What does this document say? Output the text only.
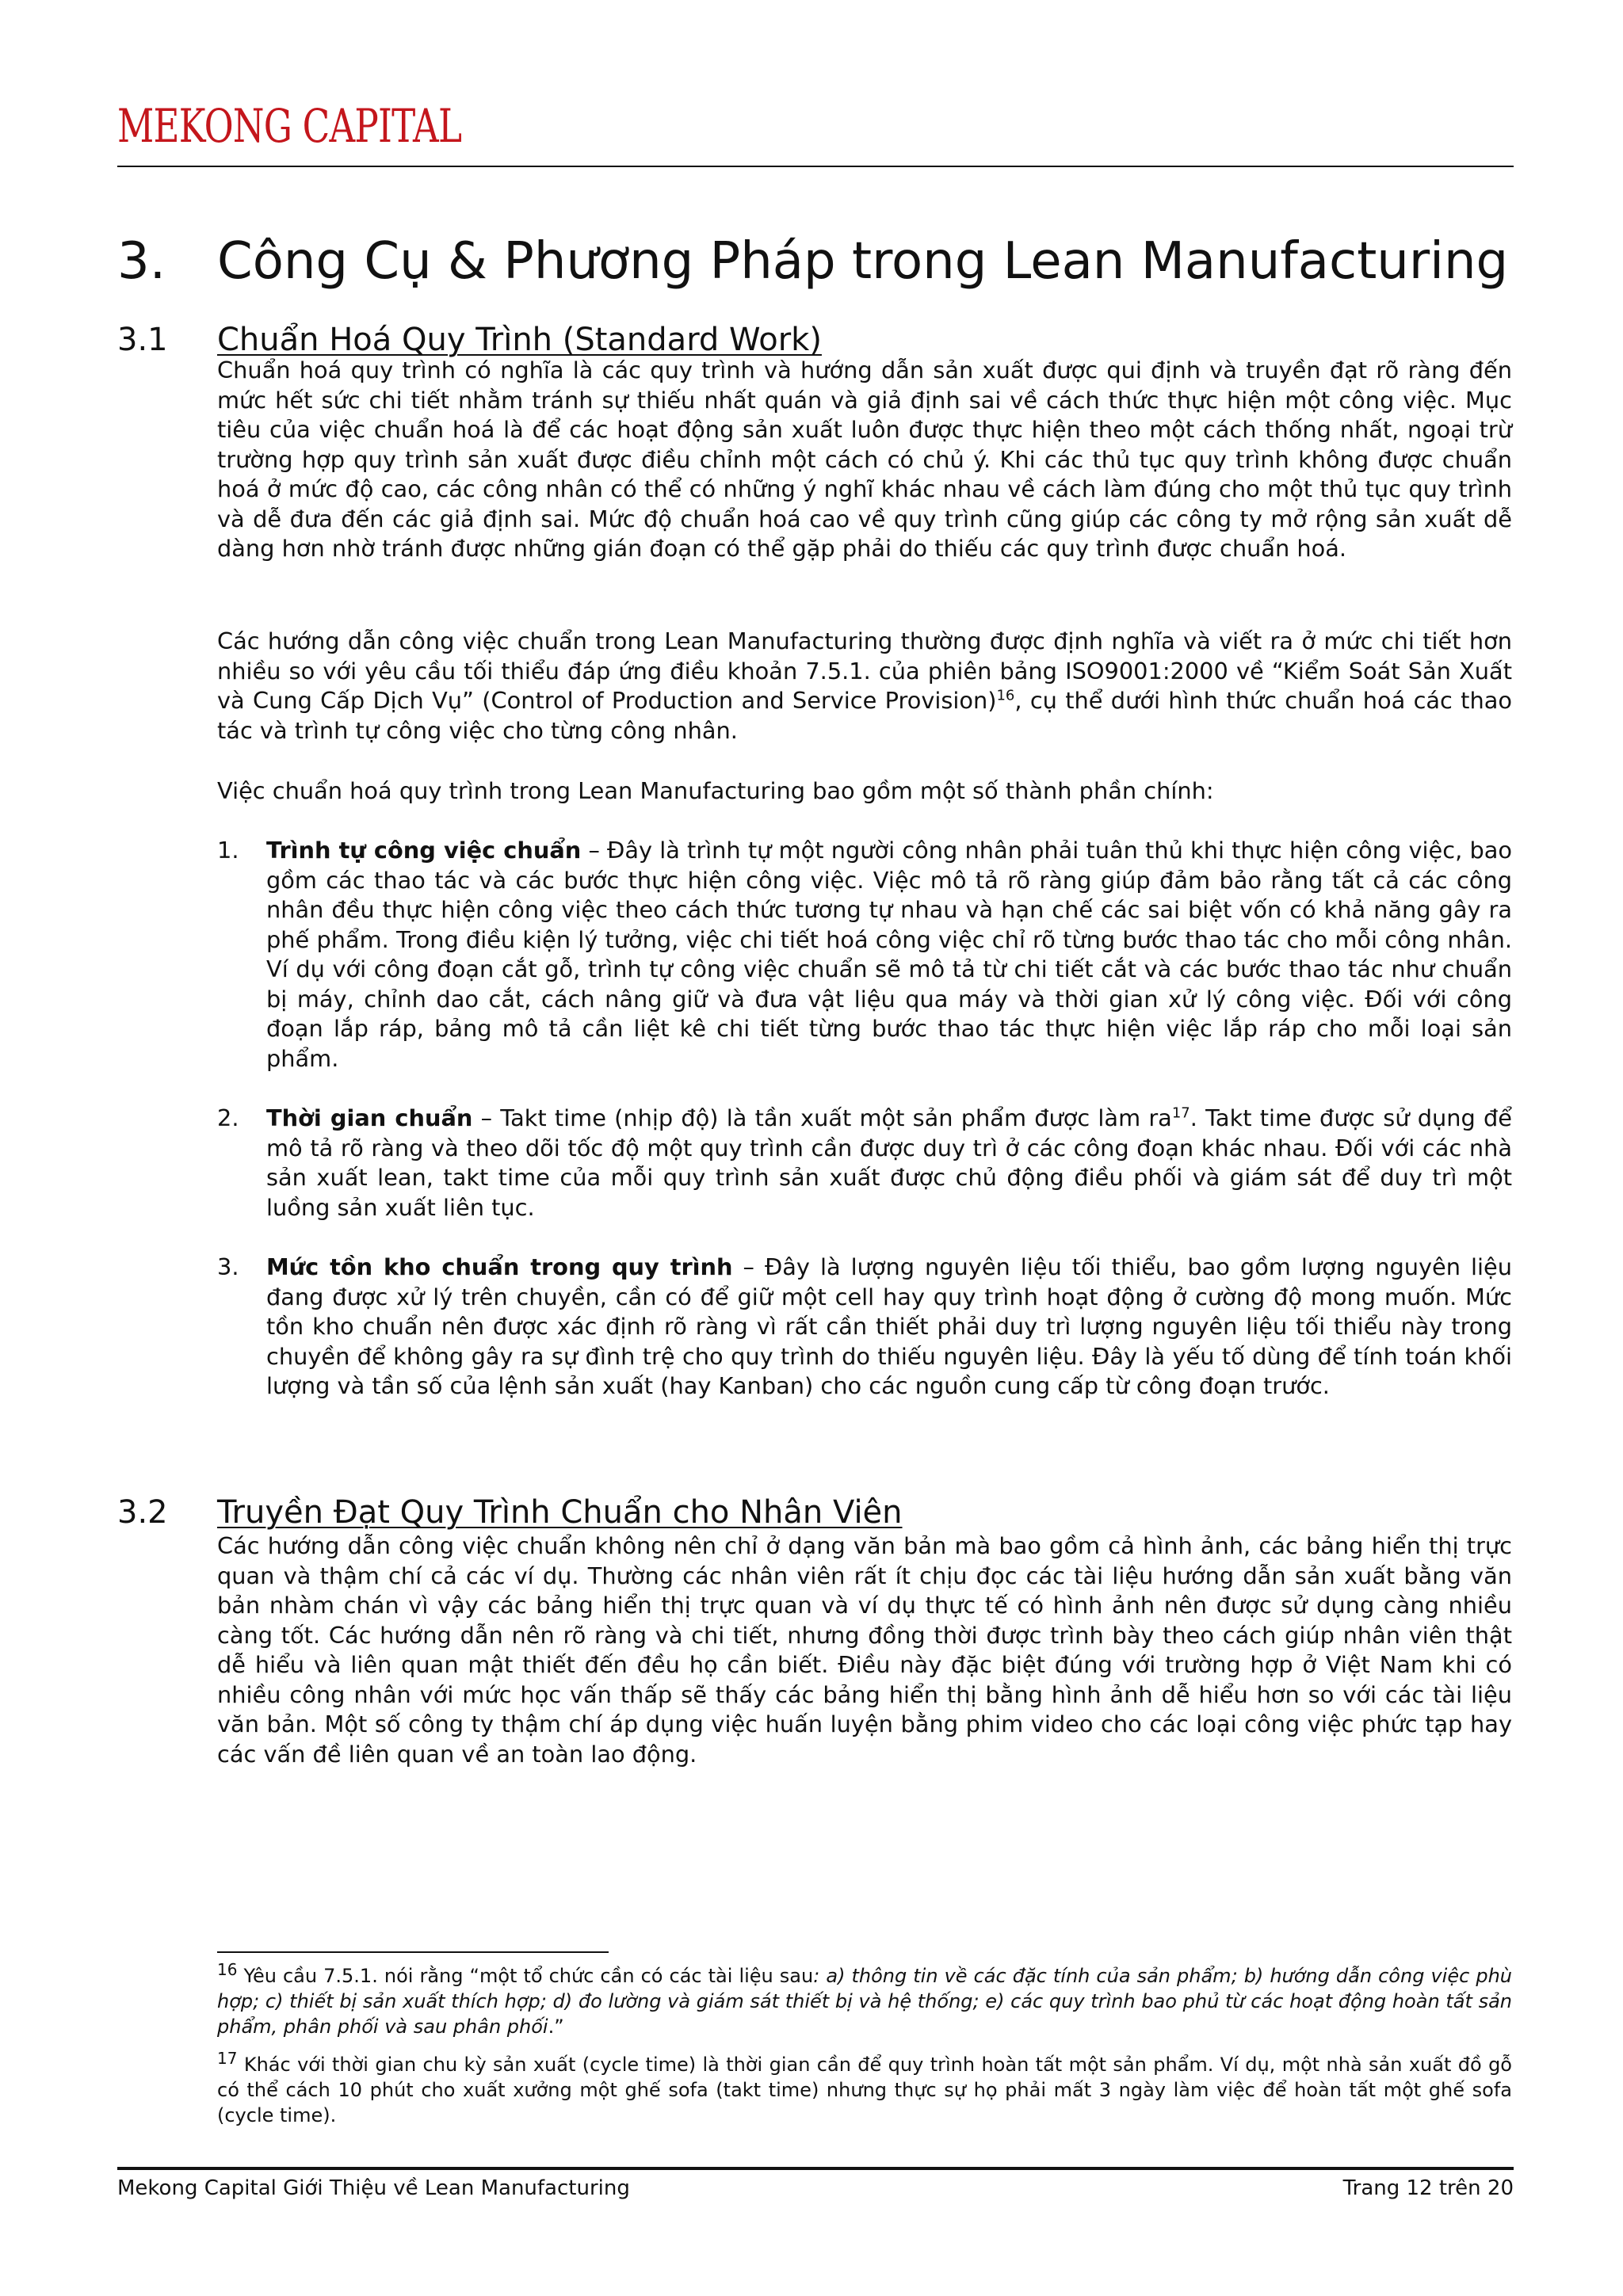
MEKONG CAPITAL
3.	Công Cụ & Phương Pháp trong Lean Manufacturing
3.1	Chuẩn Hoá Quy Trình (Standard Work)
Chuẩn hoá quy trình có nghĩa là các quy trình và hướng dẫn sản xuất được qui định và truyền đạt rõ ràng đến mức hết sức chi tiết nhằm tránh sự thiếu nhất quán và giả định sai về cách thức thực hiện một công việc. Mục tiêu của việc chuẩn hoá là để các hoạt động sản xuất luôn được thực hiện theo một cách thống nhất, ngoại trừ trường hợp quy trình sản xuất được điều chỉnh một cách có chủ ý. Khi các thủ tục quy trình không được chuẩn hoá ở mức độ cao, các công nhân có thể có những ý nghĩ khác nhau về cách làm đúng cho một thủ tục quy trình và dễ đưa đến các giả định sai. Mức độ chuẩn hoá cao về quy trình cũng giúp các công ty mở rộng sản xuất dễ dàng hơn nhờ tránh được những gián đoạn có thể gặp phải do thiếu các quy trình được chuẩn hoá.
Các hướng dẫn công việc chuẩn trong Lean Manufacturing thường được định nghĩa và viết ra ở mức chi tiết hơn nhiều so với yêu cầu tối thiểu đáp ứng điều khoản 7.5.1. của phiên bảng ISO9001:2000 về “Kiểm Soát Sản Xuất và Cung Cấp Dịch Vụ” (Control of Production and Service Provision)$^{16}$, cụ thể dưới hình thức chuẩn hoá các thao tác và trình tự công việc cho từng công nhân.
Việc chuẩn hoá quy trình trong Lean Manufacturing bao gồm một số thành phần chính:
1.	Trình tự công việc chuẩn – Đây là trình tự một người công nhân phải tuân thủ khi thực hiện công việc, bao gồm các thao tác và các bước thực hiện công việc. Việc mô tả rõ ràng giúp đảm bảo rằng tất cả các công nhân đều thực hiện công việc theo cách thức tương tự nhau và hạn chế các sai biệt vốn có khả năng gây ra phế phẩm. Trong điều kiện lý tưởng, việc chi tiết hoá công việc chỉ rõ từng bước thao tác cho mỗi công nhân. Ví dụ với công đoạn cắt gỗ, trình tự công việc chuẩn sẽ mô tả từ chi tiết cắt và các bước thao tác như chuẩn bị máy, chỉnh dao cắt, cách nâng giữ và đưa vật liệu qua máy và thời gian xử lý công việc. Đối với công đoạn lắp ráp, bảng mô tả cần liệt kê chi tiết từng bước thao tác thực hiện việc lắp ráp cho mỗi loại sản phẩm.
2.	Thời gian chuẩn – Takt time (nhịp độ) là tần xuất một sản phẩm được làm $ra^{17}$. Takt time được sử dụng để mô tả rõ ràng và theo dõi tốc độ một quy trình cần được duy trì ở các công đoạn khác nhau. Đối với các nhà sản xuất lean, takt time của mỗi quy trình sản xuất được chủ động điều phối và giám sát để duy trì một luồng sản xuất liên tục.
3.	Mức tồn kho chuẩn trong quy trình – Đây là lượng nguyên liệu tối thiểu, bao gồm lượng nguyên liệu đang được xử lý trên chuyền, cần có để giữ một cell hay quy trình hoạt động ở cường độ mong muốn. Mức tồn kho chuẩn nên được xác định rõ ràng vì rất cần thiết phải duy trì lượng nguyên liệu tối thiểu này trong chuyền để không gây ra sự đình trệ cho quy trình do thiếu nguyên liệu. Đây là yếu tố dùng để tính toán khối lượng và tần số của lệnh sản xuất (hay Kanban) cho các nguồn cung cấp từ công đoạn trước.
3.2	Truyền Đạt Quy Trình Chuẩn cho Nhân Viên
Các hướng dẫn công việc chuẩn không nên chỉ ở dạng văn bản mà bao gồm cả hình ảnh, các bảng hiển thị trực quan và thậm chí cả các ví dụ. Thường các nhân viên rất ít chịu đọc các tài liệu hướng dẫn sản xuất bằng văn bản nhàm chán vì vậy các bảng hiển thị trực quan và ví dụ thực tế có hình ảnh nên được sử dụng càng nhiều càng tốt. Các hướng dẫn nên rõ ràng và chi tiết, nhưng đồng thời được trình bày theo cách giúp nhân viên thật dễ hiểu và liên quan mật thiết đến đều họ cần biết. Điều này đặc biệt đúng với trường hợp ở Việt Nam khi có nhiều công nhân với mức học vấn thấp sẽ thấy các bảng hiển thị bằng hình ảnh dễ hiểu hơn so với các tài liệu văn bản. Một số công ty thậm chí áp dụng việc huấn luyện bằng phim video cho các loại công việc phức tạp hay các vấn đề liên quan về an toàn lao động.
$^{16}$ Yêu cầu 7.5.1. nói rằng “một tổ chức cần có các tài liệu sau: a) thông tin về các đặc tính của sản phẩm; b) hướng dẫn công việc phù hợp; c) thiết bị sản xuất thích hợp; d) đo lường và giám sát thiết bị và hệ thống; e) các quy trình bao phủ từ các hoạt động hoàn tất sản phẩm, phân phối và sau phân phối.”
$^{17}$ Khác với thời gian chu kỳ sản xuất (cycle time) là thời gian cần để quy trình hoàn tất một sản phẩm. Ví dụ, một nhà sản xuất đồ gỗ có thể cách 10 phút cho xuất xưởng một ghế sofa (takt time) nhưng thực sự họ phải mất 3 ngày làm việc để hoàn tất một ghế sofa (cycle time).
Mekong Capital Giới Thiệu về Lean Manufacturing	Trang 12 trên 20
